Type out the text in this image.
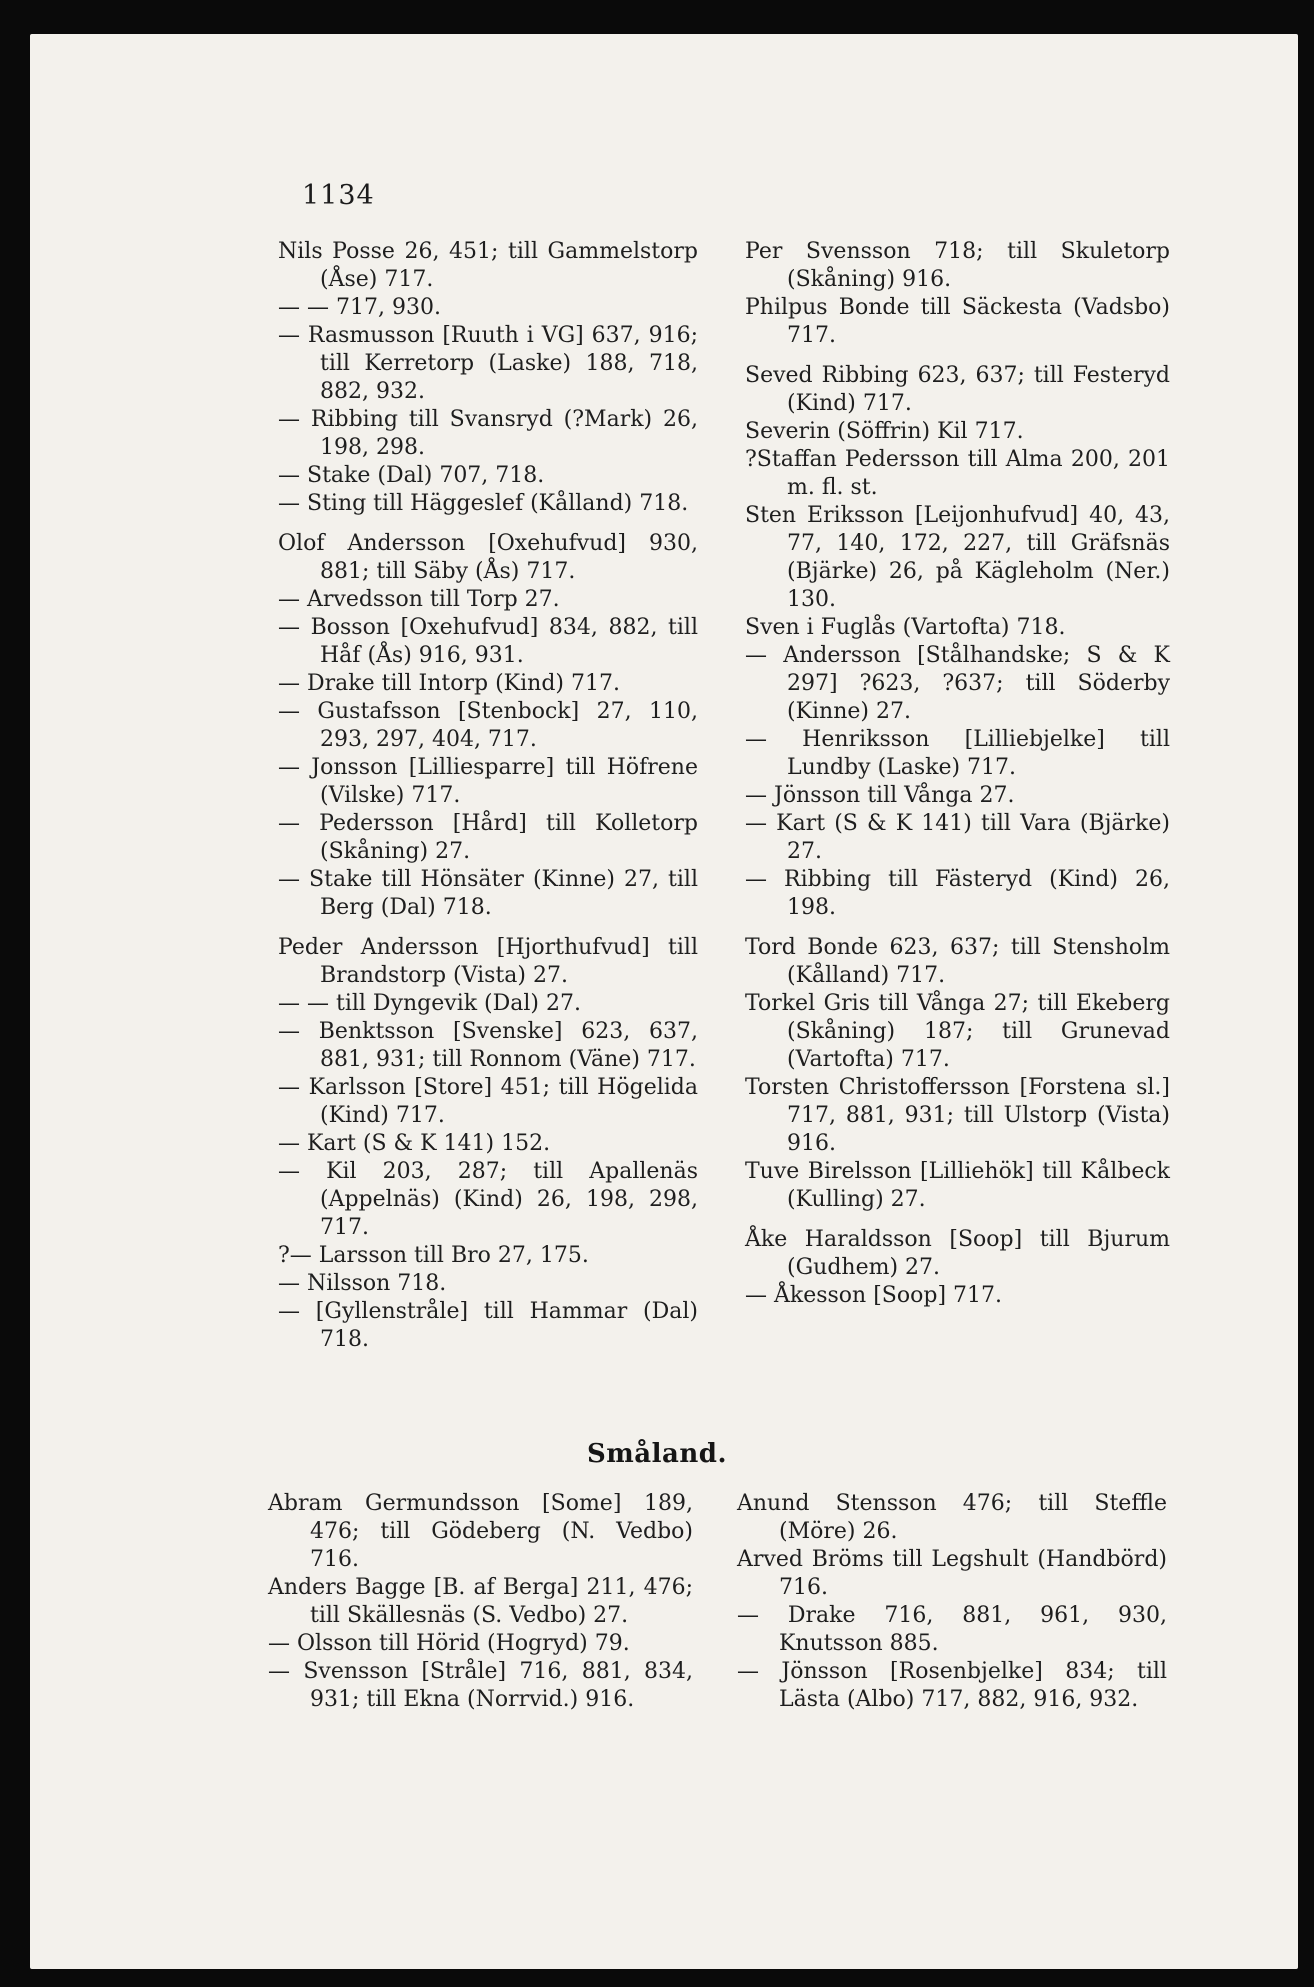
1134
Nils Posse 26, 451; till Gammelstorp (Åse) 717.
— — 717, 930.
— Rasmusson [Ruuth i VG] 637, 916; till Kerretorp (Laske) 188, 718, 882, 932.
— Ribbing till Svansryd (?Mark) 26, 198, 298.
— Stake (Dal) 707, 718.
— Sting till Häggeslef (Kålland) 718.
Olof Andersson [Oxehufvud] 930, 881; till Säby (Ås) 717.
— Arvedsson till Torp 27.
— Bosson [Oxehufvud] 834, 882, till Håf (Ås) 916, 931.
— Drake till Intorp (Kind) 717.
— Gustafsson [Stenbock] 27, 110, 293, 297, 404, 717.
— Jonsson [Lilliesparre] till Höfrene (Vilske) 717.
— Pedersson [Hård] till Kolletorp (Skåning) 27.
— Stake till Hönsäter (Kinne) 27, till Berg (Dal) 718.
Peder Andersson [Hjorthufvud] till Brandstorp (Vista) 27.
— — till Dyngevik (Dal) 27.
— Benktsson [Svenske] 623, 637, 881, 931; till Ronnom (Väne) 717.
— Karlsson [Store] 451; till Högelida (Kind) 717.
— Kart (S & K 141) 152.
— Kil 203, 287; till Apallenäs (Appelnäs) (Kind) 26, 198, 298, 717.
?— Larsson till Bro 27, 175.
— Nilsson 718.
— [Gyllenstråle] till Hammar (Dal) 718.
Per Svensson 718; till Skuletorp (Skåning) 916.
Philpus Bonde till Säckesta (Vadsbo) 717.
Seved Ribbing 623, 637; till Festeryd (Kind) 717.
Severin (Söffrin) Kil 717.
?Staffan Pedersson till Alma 200, 201 m. fl. st.
Sten Eriksson [Leijonhufvud] 40, 43, 77, 140, 172, 227, till Gräfsnäs (Bjärke) 26, på Kägleholm (Ner.) 130.
Sven i Fuglås (Vartofta) 718.
— Andersson [Stålhandske; S & K 297] ?623, ?637; till Söderby (Kinne) 27.
— Henriksson [Lilliebjelke] till Lundby (Laske) 717.
— Jönsson till Vånga 27.
— Kart (S & K 141) till Vara (Bjärke) 27.
— Ribbing till Fästeryd (Kind) 26, 198.
Tord Bonde 623, 637; till Stensholm (Kålland) 717.
Torkel Gris till Vånga 27; till Ekeberg (Skåning) 187; till Grunevad (Vartofta) 717.
Torsten Christoffersson [Forstena sl.] 717, 881, 931; till Ulstorp (Vista) 916.
Tuve Birelsson [Lilliehök] till Kålbeck (Kulling) 27.
Åke Haraldsson [Soop] till Bjurum (Gudhem) 27.
— Åkesson [Soop] 717.
Småland.
Abram Germundsson [Some] 189, 476; till Gödeberg (N. Vedbo) 716.
Anders Bagge [B. af Berga] 211, 476; till Skällesnäs (S. Vedbo) 27.
— Olsson till Hörid (Hogryd) 79.
— Svensson [Stråle] 716, 881, 834, 931; till Ekna (Norrvid.) 916.
Anund Stensson 476; till Steffle (Möre) 26.
Arved Bröms till Legshult (Handbörd) 716.
— Drake 716, 881, 961, 930, Knutsson 885.
— Jönsson [Rosenbjelke] 834; till Lästa (Albo) 717, 882, 916, 932.
